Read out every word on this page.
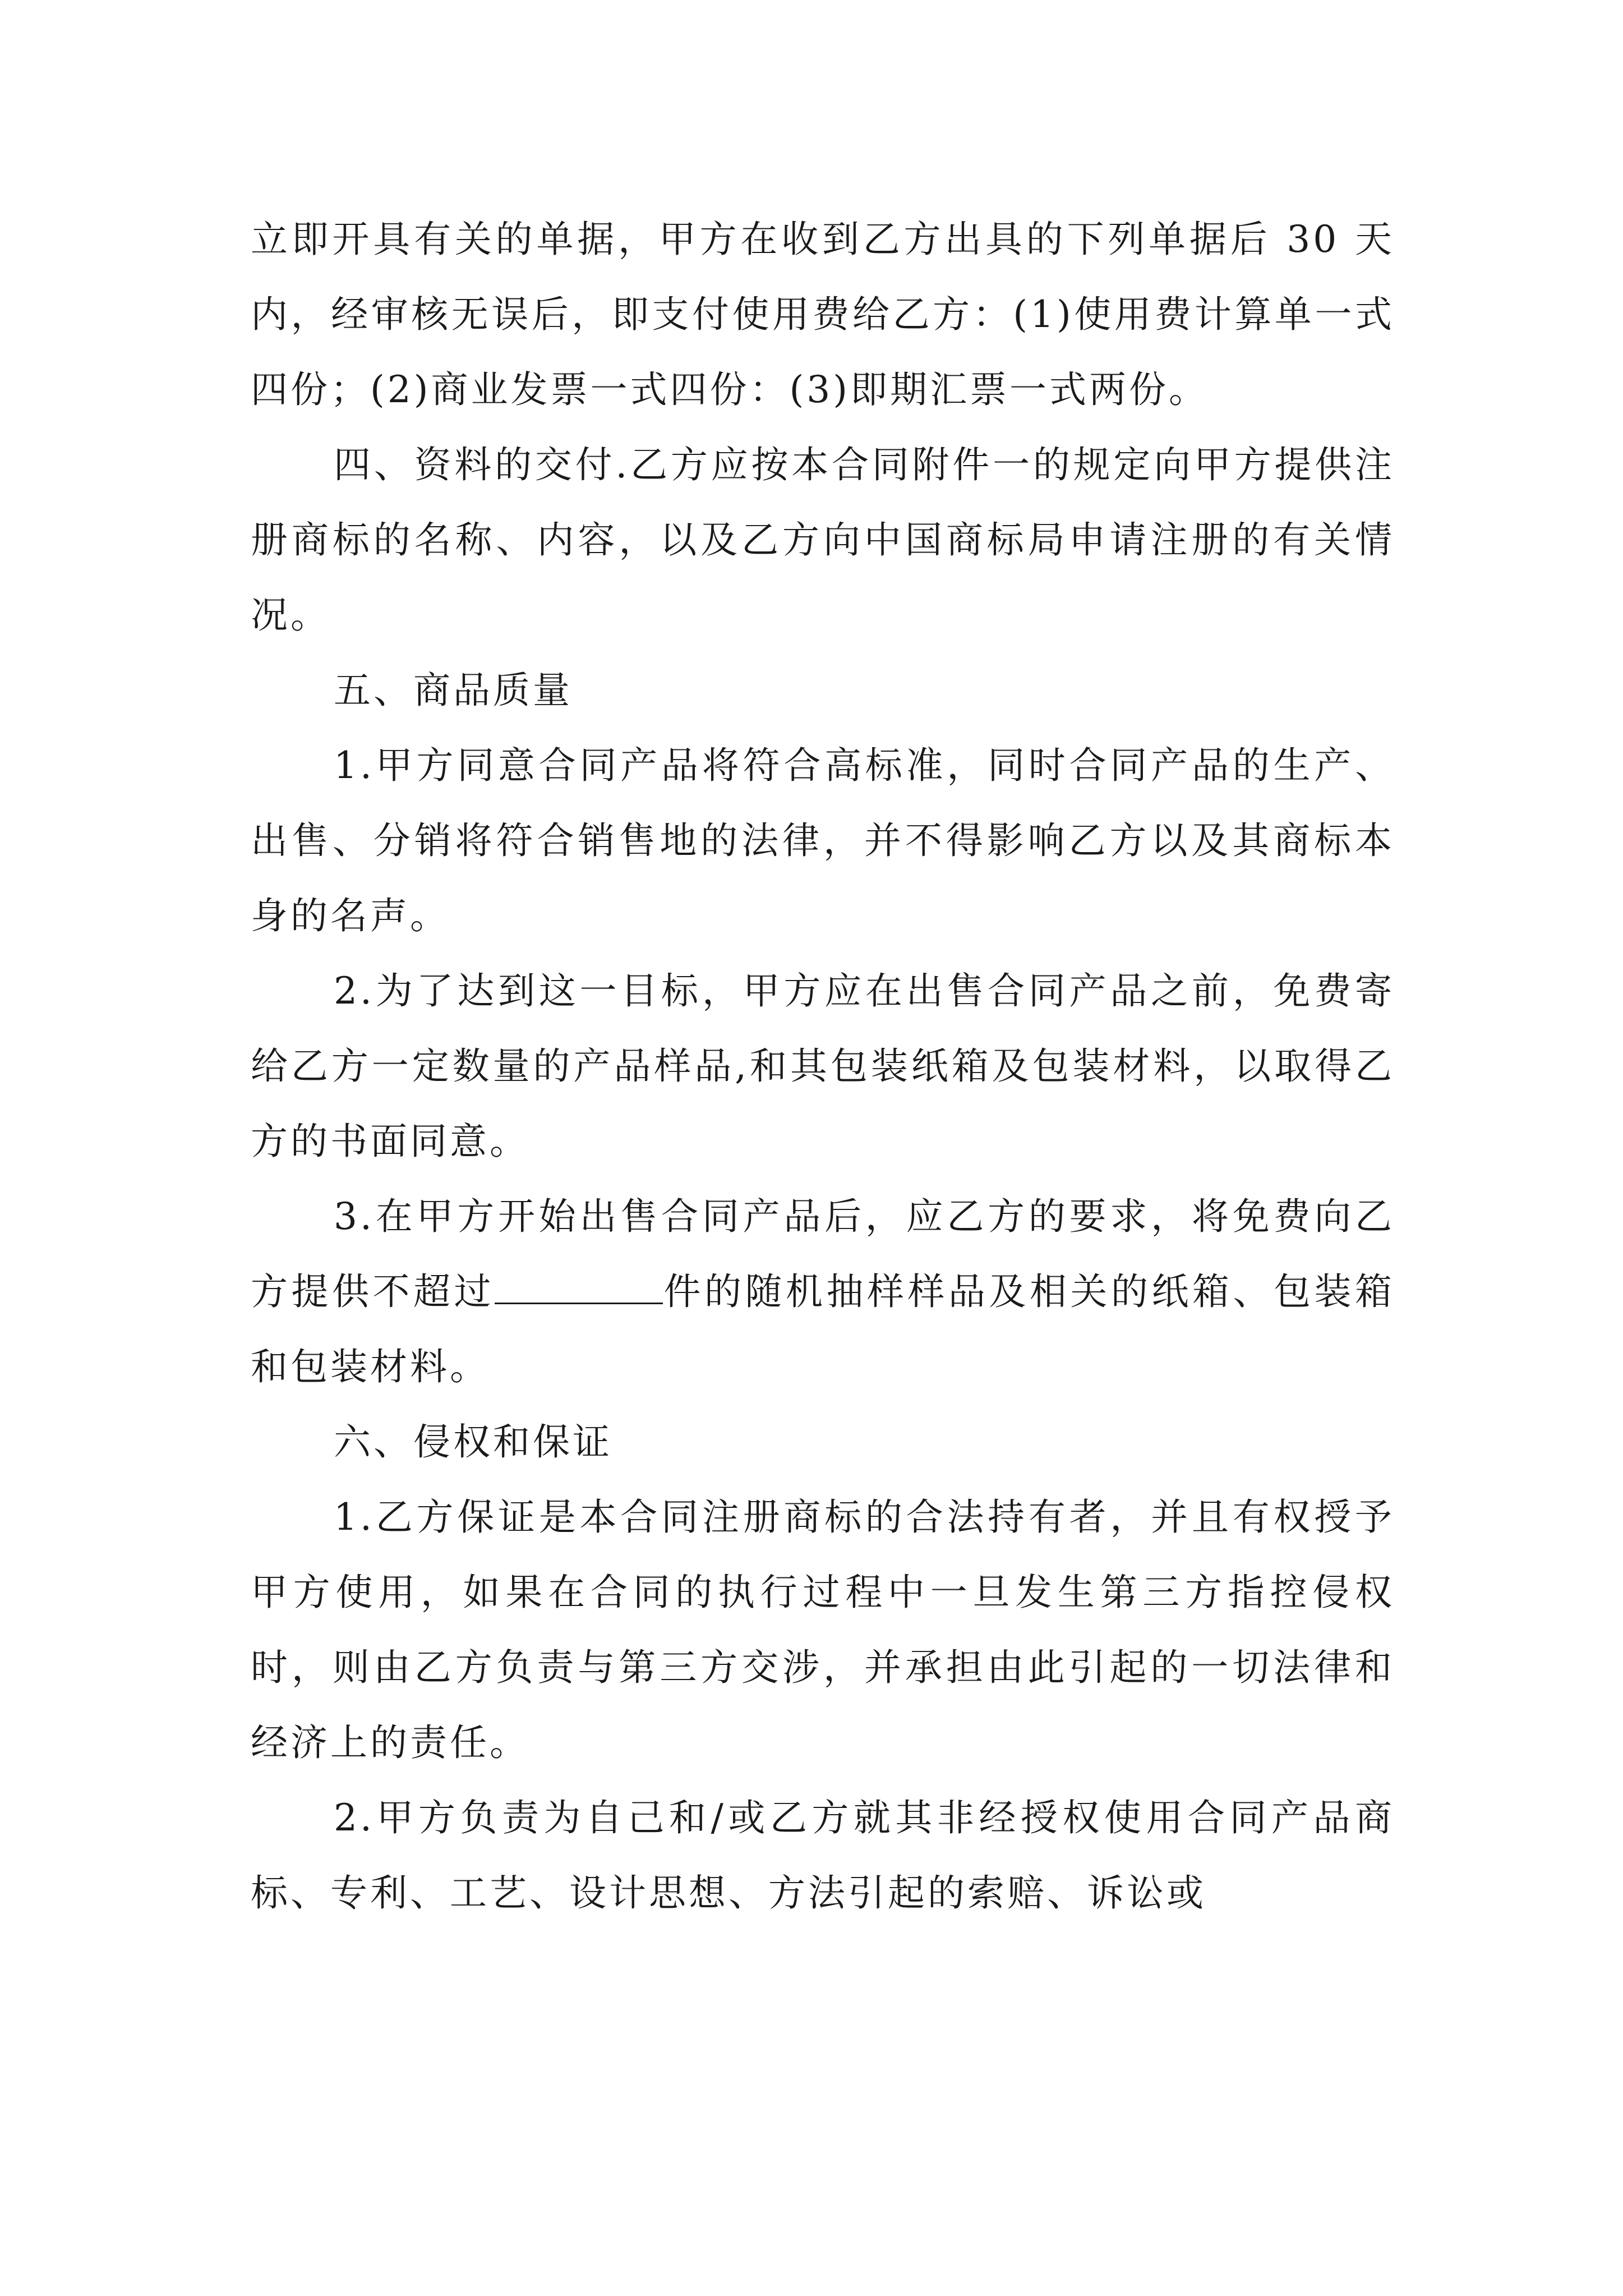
立即开具有关的单据，甲方在收到乙方出具的下列单据后 30 天内，经审核无误后，即支付使用费给乙方：(1)使用费计算单一式四份；(2)商业发票一式四份：(3)即期汇票一式两份。

四、资料的交付.乙方应按本合同附件一的规定向甲方提供注册商标的名称、内容，以及乙方向中国商标局申请注册的有关情况。

五、商品质量

1.甲方同意合同产品将符合高标准，同时合同产品的生产、出售、分销将符合销售地的法律，并不得影响乙方以及其商标本身的名声。

2.为了达到这一目标，甲方应在出售合同产品之前，免费寄给乙方一定数量的产品样品,和其包装纸箱及包装材料，以取得乙方的书面同意。

3.在甲方开始出售合同产品后，应乙方的要求，将免费向乙方提供不超过	件的随机抽样样品及相关的纸箱、包装箱和包装材料。

六、侵权和保证

1.乙方保证是本合同注册商标的合法持有者，并且有权授予甲方使用，如果在合同的执行过程中一旦发生第三方指控侵权时，则由乙方负责与第三方交涉，并承担由此引起的一切法律和经济上的责任。

2.甲方负责为自己和/或乙方就其非经授权使用合同产品商标、专利、工艺、设计思想、方法引起的索赔、诉讼或
